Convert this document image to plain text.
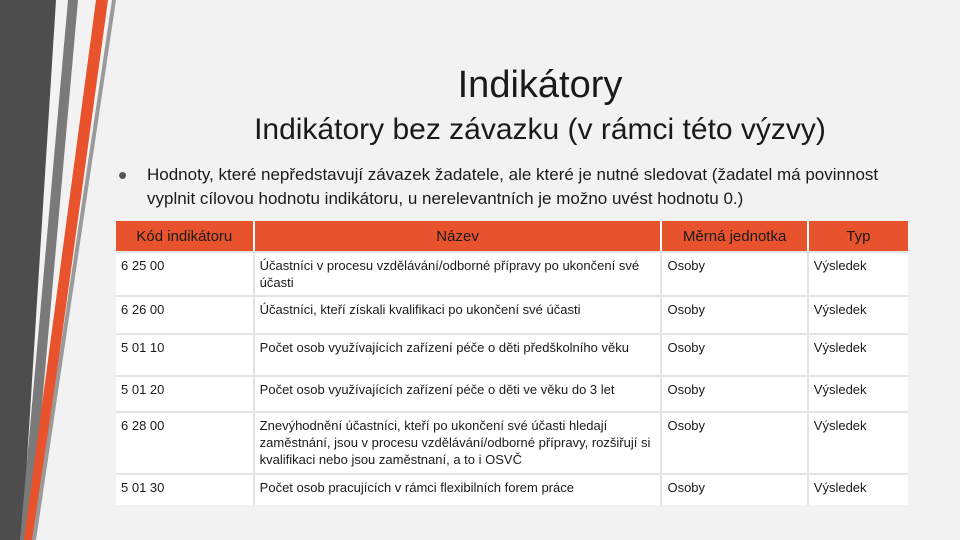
Indikátory
Indikátory bez závazku (v rámci této výzvy)
• Hodnoty, které nepředstavují závazek žadatele, ale které je nutné sledovat (žadatel má povinnost vyplnit cílovou hodnotu indikátoru, u nerelevantních je možno uvést hodnotu 0.)
Kód indikátoru	Název	Měrná jednotka	Typ
6 25 00	Účastníci v procesu vzdělávání/odborné přípravy po ukončení své účasti	Osoby	Výsledek
6 26 00	Účastníci, kteří získali kvalifikaci po ukončení své účasti	Osoby	Výsledek
5 01 10	Počet osob využívajících zařízení péče o děti předškolního věku	Osoby	Výsledek
5 01 20	Počet osob využívajících zařízení péče o děti ve věku do 3 let	Osoby	Výsledek
6 28 00	Znevýhodnění účastníci, kteří po ukončení své účasti hledají zaměstnání, jsou v procesu vzdělávání/odborné přípravy, rozšiřují si kvalifikaci nebo jsou zaměstnaní, a to i OSVČ	Osoby	Výsledek
5 01 30	Počet osob pracujících v rámci flexibilních forem práce	Osoby	Výsledek
